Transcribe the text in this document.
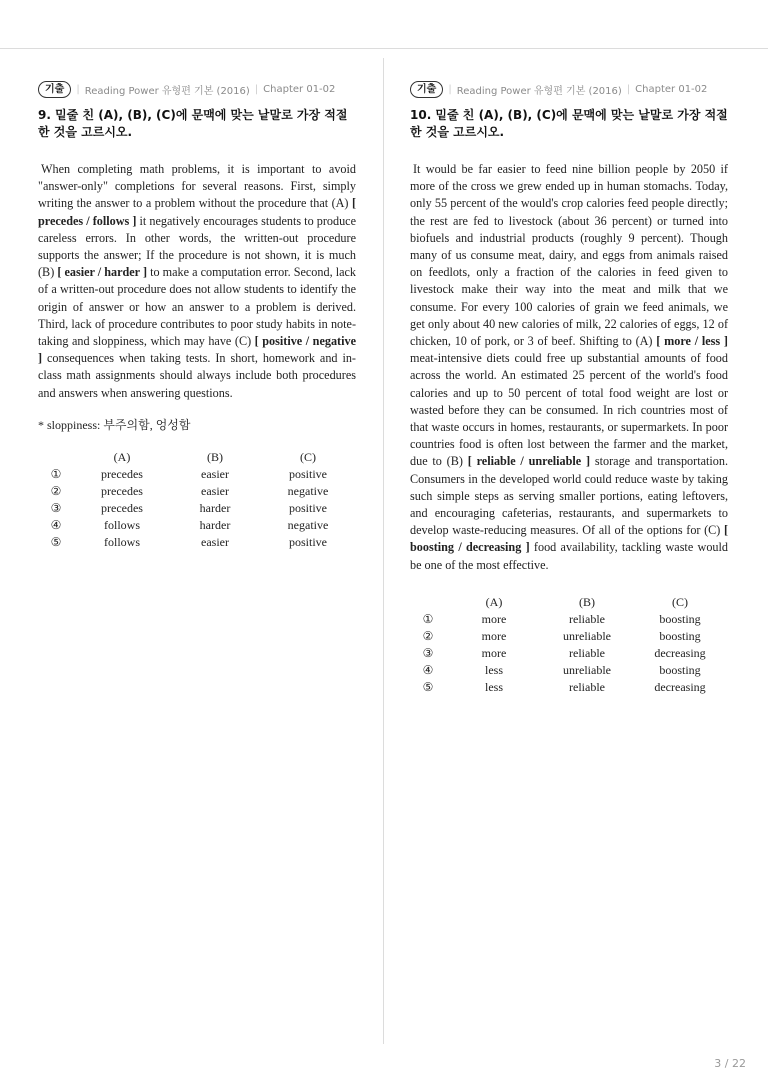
기출	| Reading Power 유형편 기본 (2016) | Chapter 01-02
9. 밑줄 친 (A), (B), (C)에 문맥에 맞는 낱말로 가장 적절한 것을 고르시오.
When completing math problems, it is important to avoid "answer-only" completions for several reasons. First, simply writing the answer to a problem without the procedure that (A) [ precedes / follows ] it negatively encourages students to produce careless errors. In other words, the written-out procedure supports the answer; If the procedure is not shown, it is much (B) [ easier / harder ] to make a computation error. Second, lack of a written-out procedure does not allow students to identify the origin of answer or how an answer to a problem is derived. Third, lack of procedure contributes to poor study habits in note-taking and sloppiness, which may have (C) [ positive / negative ] consequences when taking tests. In short, homework and in-class math assignments should always include both procedures and answers when answering questions.
* sloppiness: 부주의함, 엉성함
	(A)	(B)	(C)
①	precedes	easier	positive
②	precedes	easier	negative
③	precedes	harder	positive
④	follows	harder	negative
⑤	follows	easier	positive
기출	| Reading Power 유형편 기본 (2016) | Chapter 01-02
10. 밑줄 친 (A), (B), (C)에 문맥에 맞는 낱말로 가장 적절한 것을 고르시오.
It would be far easier to feed nine billion people by 2050 if more of the cross we grew ended up in human stomachs. Today, only 55 percent of the would's crop calories feed people directly; the rest are fed to livestock (about 36 percent) or turned into biofuels and industrial products (roughly 9 percent). Though many of us consume meat, dairy, and eggs from animals raised on feedlots, only a fraction of the calories in feed given to livestock make their way into the meat and milk that we consume. For every 100 calories of grain we feed animals, we get only about 40 new calories of milk, 22 calories of eggs, 12 of chicken, 10 of pork, or 3 of beef. Shifting to (A) [ more / less ] meat-intensive diets could free up substantial amounts of food across the world. An estimated 25 percent of the world's food calories and up to 50 percent of total food weight are lost or wasted before they can be consumed. In rich countries most of that waste occurs in homes, restaurants, or supermarkets. In poor countries food is often lost between the farmer and the market, due to (B) [ reliable / unreliable ] storage and transportation. Consumers in the developed world could reduce waste by taking such simple steps as serving smaller portions, eating leftovers, and encouraging cafeterias, restaurants, and supermarkets to develop waste-reducing measures. Of all of the options for (C) [ boosting / decreasing ] food availability, tackling waste would be one of the most effective.
	(A)	(B)	(C)
①	more	reliable	boosting
②	more	unreliable	boosting
③	more	reliable	decreasing
④	less	unreliable	boosting
⑤	less	reliable	decreasing
3 / 22
